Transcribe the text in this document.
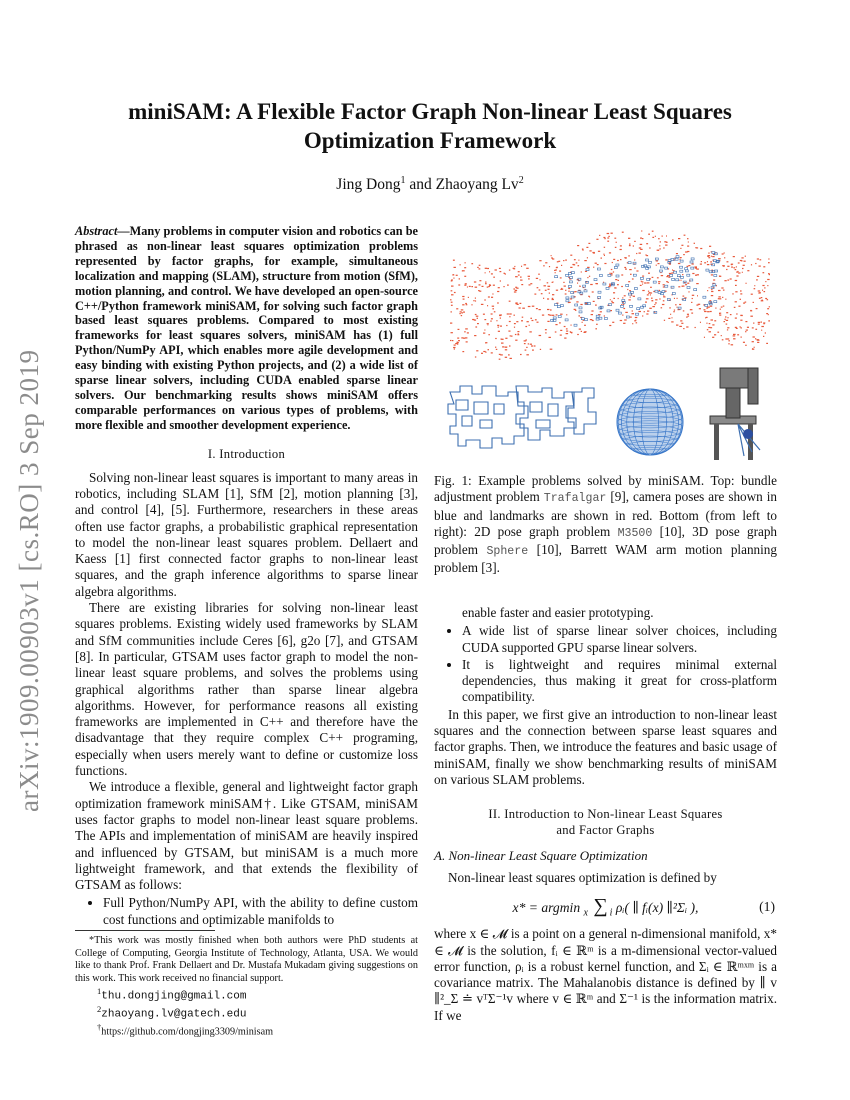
arXiv:1909.00903v1 [cs.RO] 3 Sep 2019
miniSAM: A Flexible Factor Graph Non-linear Least Squares Optimization Framework
Jing Dong$^1$ and Zhaoyang Lv$^2$
Abstract—Many problems in computer vision and robotics can be phrased as non-linear least squares optimization problems represented by factor graphs, for example, simultaneous localization and mapping (SLAM), structure from motion (SfM), motion planning, and control. We have developed an open-source C++/Python framework miniSAM, for solving such factor graph based least squares problems. Compared to most existing frameworks for least squares solvers, miniSAM has (1) full Python/NumPy API, which enables more agile development and easy binding with existing Python projects, and (2) a wide list of sparse linear solvers, including CUDA enabled sparse linear solvers. Our benchmarking results shows miniSAM offers comparable performances on various types of problems, with more flexible and smoother development experience.
I. Introduction

Solving non-linear least squares is important to many areas in robotics, including SLAM [1], SfM [2], motion planning [3], and control [4], [5]. Furthermore, researchers in these areas often use factor graphs, a probabilistic graphical representation to model the non-linear least squares problem. Dellaert and Kaess [1] first connected factor graphs to non-linear least squares, and the graph inference algorithms to sparse linear algebra algorithms.

There are existing libraries for solving non-linear least squares problems. Existing widely used frameworks by SLAM and SfM communities include Ceres [6], g2o [7], and GTSAM [8]. In particular, GTSAM uses factor graph to model the non-linear least square problems, and solves the problems using graphical algorithms rather than sparse linear algebra algorithms. However, for performance reasons all existing frameworks are implemented in C++ and therefore have the disadvantage that they require complex C++ programing, especially when users merely want to define or customize loss functions.

We introduce a flexible, general and lightweight factor graph optimization framework miniSAM†. Like GTSAM, miniSAM uses factor graphs to model non-linear least square problems. The APIs and implementation of miniSAM are heavily inspired and influenced by GTSAM, but miniSAM is a much more lightweight framework, and that extends the flexibility of GTSAM as follows:

• Full Python/NumPy API, with the ability to define custom cost functions and optimizable manifolds to

*This work was mostly finished when both authors were PhD students at College of Computing, Georgia Institute of Technology, Atlanta, USA. We would like to thank Prof. Frank Dellaert and Dr. Mustafa Mukadam giving suggestions on this work. This work received no financial support.

$^1$thu.dongjing@gmail.com

$^2$zhaoyang.lv@gatech.edu

†https://github.com/dongjing3309/minisam

Fig. 1: Example problems solved by miniSAM. Top: bundle adjustment problem Trafalgar [9], camera poses are shown in blue and landmarks are shown in red. Bottom (from left to right): 2D pose graph problem M3500 [10], 3D pose graph problem Sphere [10], Barrett WAM arm motion planning problem [3].

enable faster and easier prototyping.

• A wide list of sparse linear solver choices, including CUDA supported GPU sparse linear solvers.
• It is lightweight and requires minimal external dependencies, thus making it great for cross-platform compatibility.

In this paper, we first give an introduction to non-linear least squares and the connection between sparse least squares and factor graphs. Then, we introduce the features and basic usage of miniSAM, finally we show benchmarking results of miniSAM on various SLAM problems.

II. Introduction to Non-linear Least Squares
and Factor Graphs
A. Non-linear Least Square Optimization

Non-linear least squares optimization is defined by

x* = argmin $_x$ ∑ $_i$ ρᵢ( ∥ fᵢ(x) ∥²Σᵢ ),	(1)

where x ∈ 𝓜 is a point on a general n-dimensional manifold, x* ∈ 𝓜 is the solution, fᵢ ∈ ℝᵐ is a m-dimensional vector-valued error function, ρᵢ is a robust kernel function, and Σᵢ ∈ ℝᵐˣᵐ is a covariance matrix. The Mahalanobis distance is defined by ∥ v ∥²_Σ ≐ vᵀΣ⁻¹v where v ∈ ℝᵐ and Σ⁻¹ is the information matrix. If we
